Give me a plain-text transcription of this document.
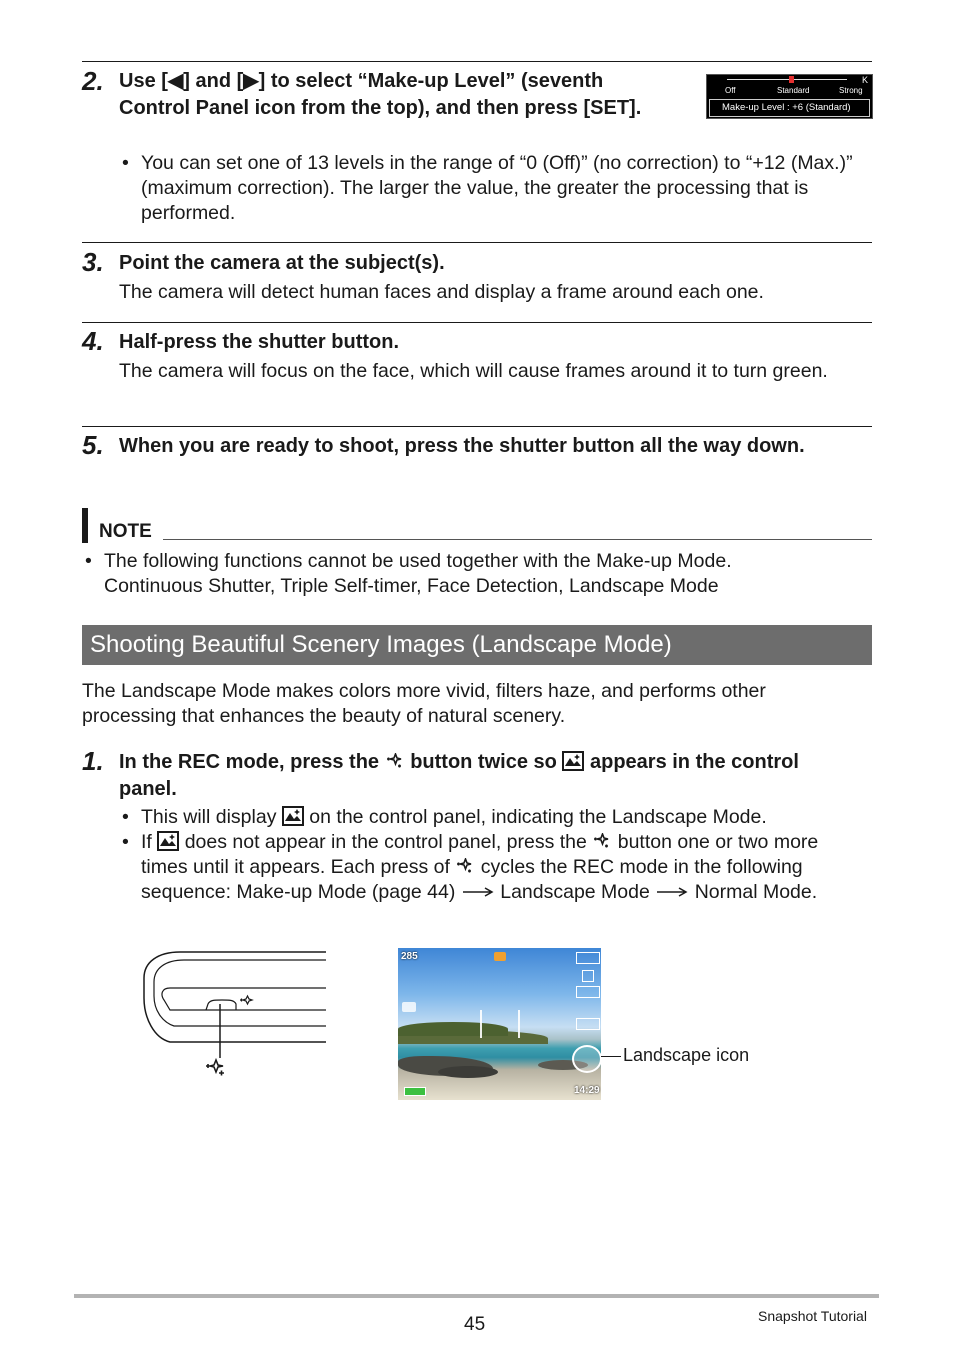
2. Use [◀] and [▶] to select “Make-up Level” (seventh Control Panel icon from the top), and then press [SET].
Off	Standard	Strong
K
Make-up Level : +6 (Standard)
• You can set one of 13 levels in the range of “0 (Off)” (no correction) to “+12 (Max.)” (maximum correction). The larger the value, the greater the processing that is performed.
3. Point the camera at the subject(s).
The camera will detect human faces and display a frame around each one.
4. Half-press the shutter button.
The camera will focus on the face, which will cause frames around it to turn green.
5. When you are ready to shoot, press the shutter button all the way down.
NOTE
• The following functions cannot be used together with the Make-up Mode.
Continuous Shutter, Triple Self-timer, Face Detection, Landscape Mode
Shooting Beautiful Scenery Images (Landscape Mode)
The Landscape Mode makes colors more vivid, filters haze, and performs other processing that enhances the beauty of natural scenery.
1. In the REC mode, press the button twice so appears in the control panel.
• This will display on the control panel, indicating the Landscape Mode.
• If does not appear in the control panel, press the button one or two more times until it appears. Each press of cycles the REC mode in the following sequence: Make-up Mode (page 44) Landscape Mode Normal Mode.
285
14:29
Landscape icon
45	Snapshot Tutorial
